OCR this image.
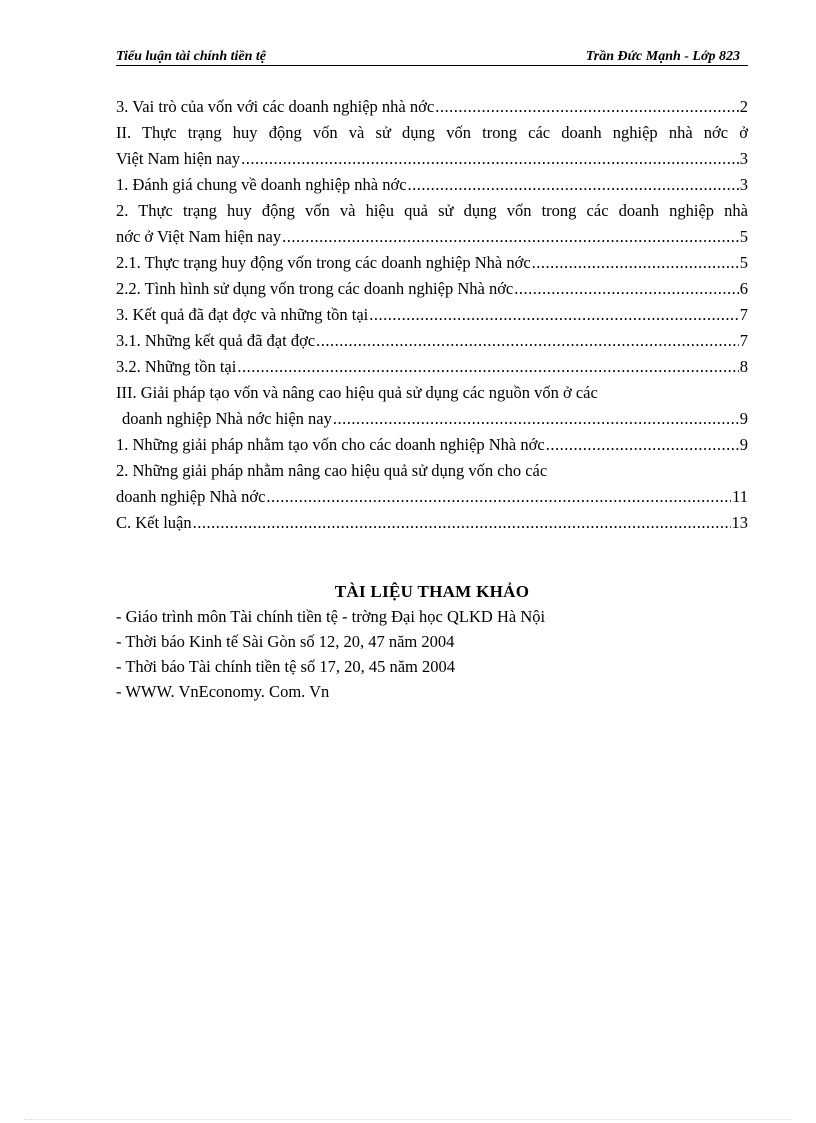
Tiểu luận tài chính tiền tệ	Trần Đức Mạnh - Lớp 823
3. Vai trò của vốn với các doanh nghiệp nhà nớc .....	2
II. Thực trạng huy động vốn và sử dụng vốn trong các doanh nghiệp nhà nớc ở
Việt Nam hiện nay .....	3
1. Đánh giá chung về doanh nghiệp nhà nớc .....	3
2. Thực trạng huy động vốn và hiệu quả sử dụng vốn trong các doanh nghiệp nhà
nớc ở Việt Nam hiện nay .....	5
2.1. Thực trạng huy động vốn trong các doanh nghiệp Nhà nớc .....	5
2.2. Tình hình sử dụng vốn trong các doanh nghiệp Nhà nớc .....	6
3. Kết quả đã đạt đợc và những tồn tại .....	7
3.1. Những kết quả đã đạt đợc .....	7
3.2. Những tồn tại .....	8
III. Giải pháp tạo vốn và nâng cao hiệu quả sử dụng các nguồn vốn ở các
doanh nghiệp Nhà nớc hiện nay .....	9
1. Những giải pháp nhằm tạo vốn cho các doanh nghiệp Nhà nớc .....	9
2. Những giải pháp nhằm nâng cao hiệu quả sử dụng vốn cho các
doanh nghiệp Nhà nớc .....	11
C. Kết luận .....	13
TÀI LIỆU THAM KHẢO
- Giáo trình môn Tài chính tiền tệ - trờng Đại học QLKD Hà Nội
- Thời báo Kinh tế Sài Gòn số 12, 20, 47 năm 2004
- Thời báo Tài chính tiền tệ số 17, 20, 45 năm 2004
- WWW. VnEconomy. Com. Vn
